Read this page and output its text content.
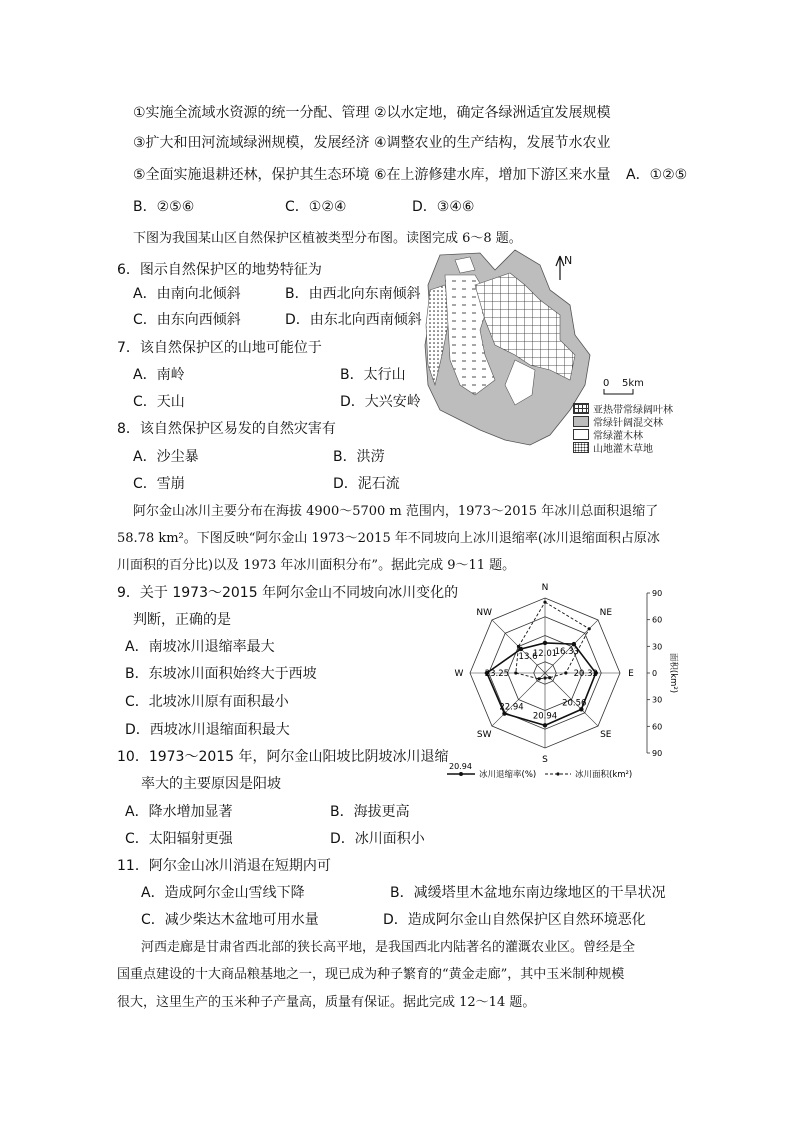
①实施全流域水资源的统一分配、管理 ②以水定地，确定各绿洲适宜发展规模
③扩大和田河流域绿洲规模，发展经济 ④调整农业的生产结构，发展节水农业
⑤全面实施退耕还林，保护其生态环境 ⑥在上游修建水库，增加下游区来水量 A．①②⑤
B．②⑤⑥	C．①②④	D．③④⑥
下图为我国某山区自然保护区植被类型分布图。读图完成 6～8 题。
6．图示自然保护区的地势特征为
A．由南向北倾斜	B．由西北向东南倾斜
C．由东向西倾斜	D．由东北向西南倾斜
7．该自然保护区的山地可能位于
A．南岭	B．太行山
C．天山	D．大兴安岭
8．该自然保护区易发的自然灾害有
A．沙尘暴	B．洪涝
C．雪崩	D．泥石流
N
0 5km
亚热带常绿阔叶林
常绿针阔混交林
常绿灌木林
山地灌木草地
阿尔金山冰川主要分布在海拔 4900～5700 m 范围内，1973～2015 年冰川总面积退缩了
58.78 km²。下图反映“阿尔金山 1973～2015 年不同坡向上冰川退缩率(冰川退缩面积占原冰
川面积的百分比)以及 1973 年冰川面积分布”。据此完成 9～11 题。
9．关于 1973～2015 年阿尔金山不同坡向冰川变化的
判断，正确的是
A．南坡冰川退缩率最大
B．东坡冰川面积始终大于西坡
C．北坡冰川原有面积最小
D．西坡冰川退缩面积最大
10．1973～2015 年，阿尔金山阳坡比阴坡冰川退缩
率大的主要原因是阳坡
A．降水增加显著	B．海拔更高
C．太阳辐射更强	D．冰川面积小
11．阿尔金山冰川消退在短期内可
A．造成阿尔金山雪线下降	B．减缓塔里木盆地东南边缘地区的干旱状况
C．减少柴达木盆地可用水量	D．造成阿尔金山自然保护区自然环境恶化
河西走廊是甘肃省西北部的狭长高平地，是我国西北内陆著名的灌溉农业区。曾经是全
国重点建设的十大商品粮基地之一，现已成为种子繁育的“黄金走廊”，其中玉米制种规模
很大，这里生产的玉米种子产量高，质量有保证。据此完成 12～14 题。
N
NE
E
SE
S
SW
W
NW
12.01
16.33
20.32
20.56
20.94
22.94
23.25
13.6
90
60
30
0
30
60
90
面积(km²)
20.94
冰川退缩率(%)	冰川面积(km²)
